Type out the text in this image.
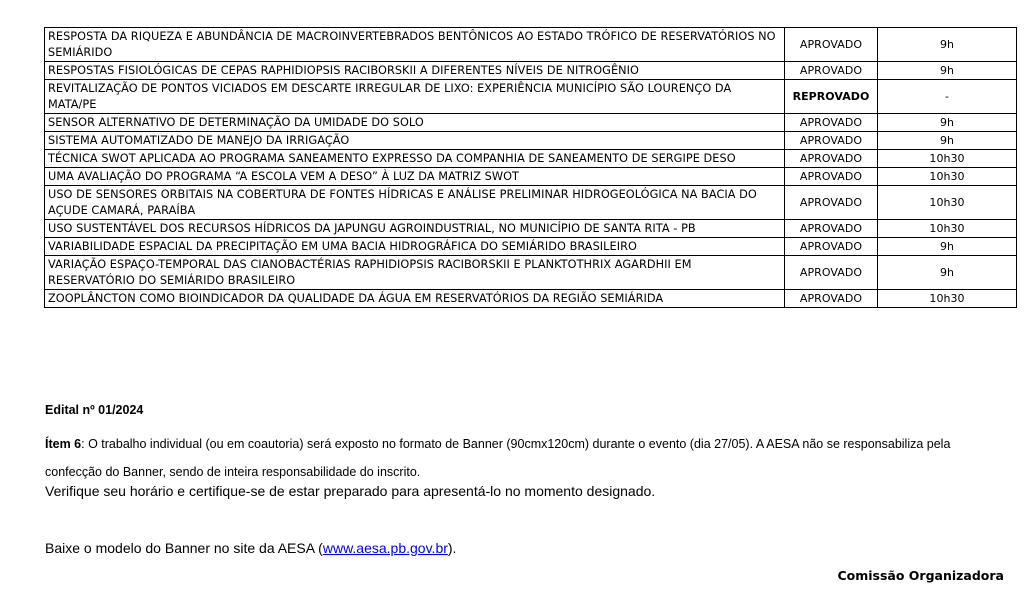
RESPOSTA DA RIQUEZA E ABUNDÂNCIA DE MACROINVERTEBRADOS BENTÔNICOS AO ESTADO TRÓFICO DE RESERVATÓRIOS NO SEMIÁRIDO	APROVADO	9h
RESPOSTAS FISIOLÓGICAS DE CEPAS RAPHIDIOPSIS RACIBORSKII A DIFERENTES NÍVEIS DE NITROGÊNIO	APROVADO	9h
REVITALIZAÇÃO DE PONTOS VICIADOS EM DESCARTE IRREGULAR DE LIXO: EXPERIÊNCIA MUNICÍPIO SÃO LOURENÇO DA MATA/PE	REPROVADO	-
SENSOR ALTERNATIVO DE DETERMINAÇÃO DA UMIDADE DO SOLO	APROVADO	9h
SISTEMA AUTOMATIZADO DE MANEJO DA IRRIGAÇÃO	APROVADO	9h
TÉCNICA SWOT APLICADA AO PROGRAMA SANEAMENTO EXPRESSO DA COMPANHIA DE SANEAMENTO DE SERGIPE DESO	APROVADO	10h30
UMA AVALIAÇÃO DO PROGRAMA “A ESCOLA VEM A DESO” À LUZ DA MATRIZ SWOT	APROVADO	10h30
USO DE SENSORES ORBITAIS NA COBERTURA DE FONTES HÍDRICAS E ANÁLISE PRELIMINAR HIDROGEOLÓGICA NA BACIA DO AÇUDE CAMARÁ, PARAÍBA	APROVADO	10h30
USO SUSTENTÁVEL DOS RECURSOS HÍDRICOS DA JAPUNGU AGROINDUSTRIAL, NO MUNICÍPIO DE SANTA RITA - PB	APROVADO	10h30
VARIABILIDADE ESPACIAL DA PRECIPITAÇÃO EM UMA BACIA HIDROGRÁFICA DO SEMIÁRIDO BRASILEIRO	APROVADO	9h
VARIAÇÃO ESPAÇO-TEMPORAL DAS CIANOBACTÉRIAS RAPHIDIOPSIS RACIBORSKII E PLANKTOTHRIX AGARDHII EM RESERVATÓRIO DO SEMIÁRIDO BRASILEIRO	APROVADO	9h
ZOOPLÂNCTON COMO BIOINDICADOR DA QUALIDADE DA ÁGUA EM RESERVATÓRIOS DA REGIÃO SEMIÁRIDA	APROVADO	10h30
Edital nº 01/2024
Ítem 6: O trabalho individual (ou em coautoria) será exposto no formato de Banner (90cmx120cm) durante o evento (dia 27/05). A AESA não se responsabiliza pela confecção do Banner, sendo de inteira responsabilidade do inscrito.
Verifique seu horário e certifique-se de estar preparado para apresentá-lo no momento designado.
Baixe o modelo do Banner no site da AESA (www.aesa.pb.gov.br).
Comissão Organizadora
